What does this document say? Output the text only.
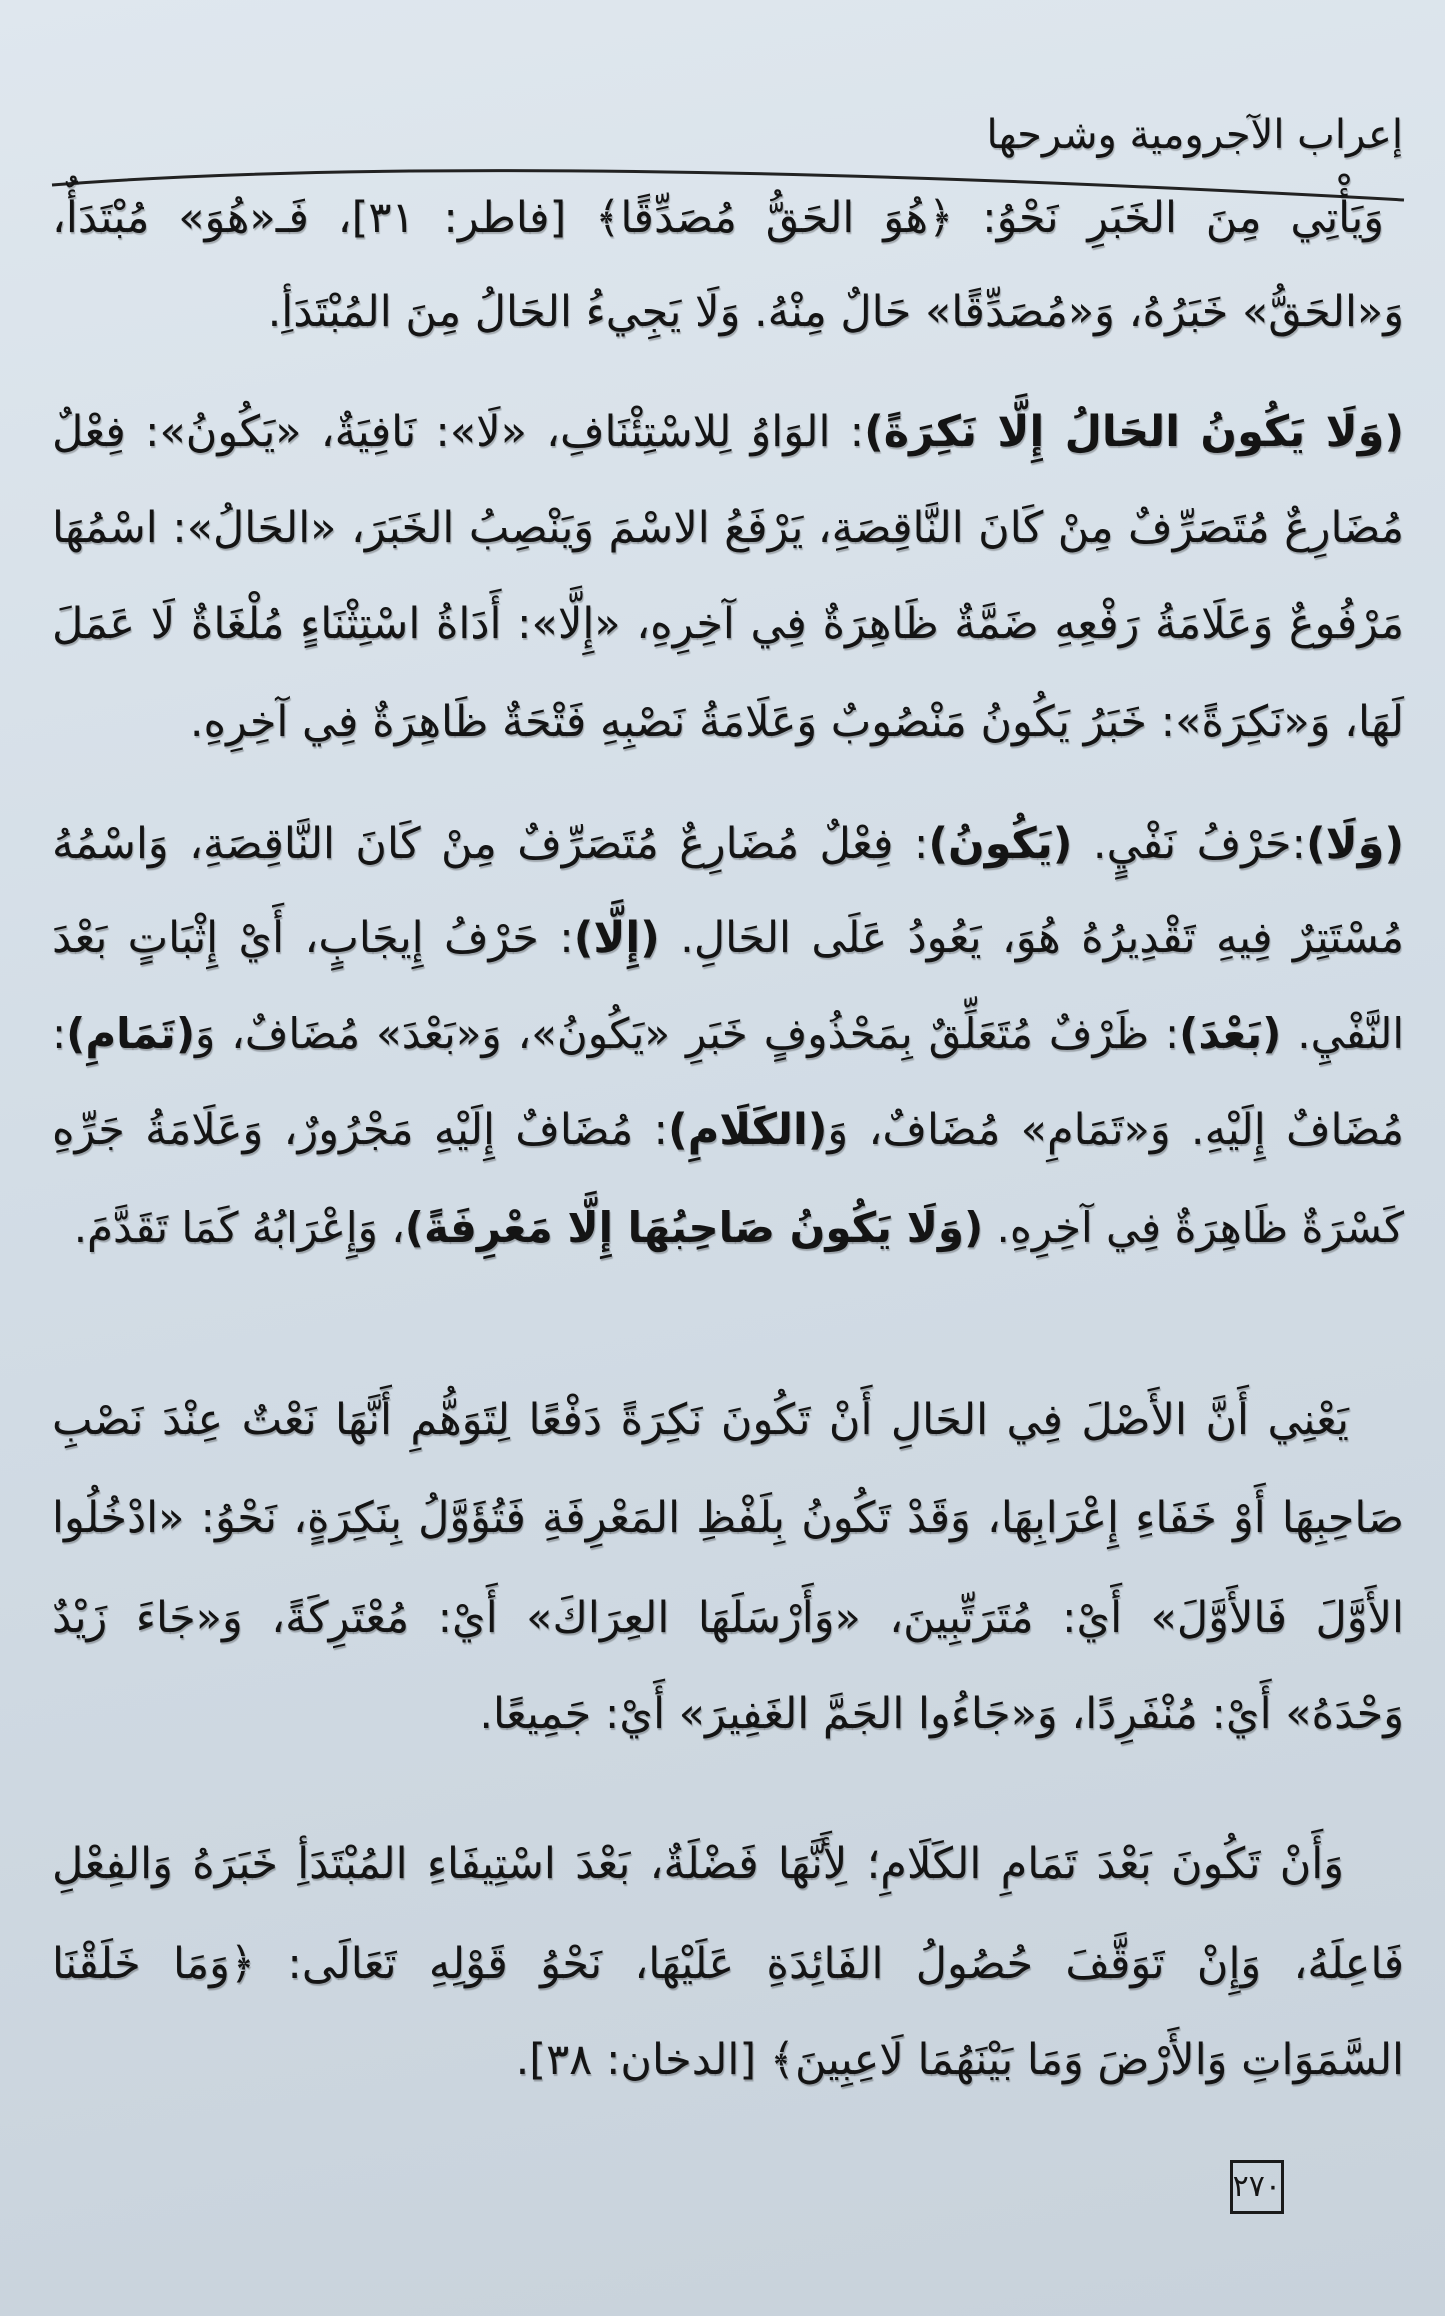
إعراب الآجرومية وشرحها
وَيَأْتِي مِنَ الخَبَرِ نَحْوُ: ﴿هُوَ الحَقُّ مُصَدِّقًا﴾ [فاطر: ٣١]، فَـ«هُوَ» مُبْتَدَأٌ،
وَ«الحَقُّ» خَبَرُهُ، وَ«مُصَدِّقًا» حَالٌ مِنْهُ. وَلَا يَجِيءُ الحَالُ مِنَ المُبْتَدَأِ.
(وَلَا يَكُونُ الحَالُ إِلَّا نَكِرَةً): الوَاوُ لِلاسْتِئْنَافِ، «لَا»: نَافِيَةٌ، «يَكُونُ»: فِعْلٌ
مُضَارِعٌ مُتَصَرِّفٌ مِنْ كَانَ النَّاقِصَةِ، يَرْفَعُ الاسْمَ وَيَنْصِبُ الخَبَرَ، «الحَالُ»: اسْمُهَا
مَرْفُوعٌ وَعَلَامَةُ رَفْعِهِ ضَمَّةٌ ظَاهِرَةٌ فِي آخِرِهِ، «إِلَّا»: أَدَاةُ اسْتِثْنَاءٍ مُلْغَاةٌ لَا عَمَلَ
لَهَا، وَ«نَكِرَةً»: خَبَرُ يَكُونُ مَنْصُوبٌ وَعَلَامَةُ نَصْبِهِ فَتْحَةٌ ظَاهِرَةٌ فِي آخِرِهِ.
(وَلَا):حَرْفُ نَفْيٍ. (يَكُونُ): فِعْلٌ مُضَارِعٌ مُتَصَرِّفٌ مِنْ كَانَ النَّاقِصَةِ، وَاسْمُهُ
مُسْتَتِرٌ فِيهِ تَقْدِيرُهُ هُوَ، يَعُودُ عَلَى الحَالِ. (إِلَّا): حَرْفُ إِيجَابٍ، أَيْ إِثْبَاتٍ بَعْدَ
النَّفْيِ. (بَعْدَ): ظَرْفٌ مُتَعَلِّقٌ بِمَحْذُوفٍ خَبَرِ «يَكُونُ»، وَ«بَعْدَ» مُضَافٌ، وَ(تَمَامِ):
مُضَافٌ إِلَيْهِ. وَ«تَمَامِ» مُضَافٌ، وَ(الكَلَامِ): مُضَافٌ إِلَيْهِ مَجْرُورٌ، وَعَلَامَةُ جَرِّهِ
كَسْرَةٌ ظَاهِرَةٌ فِي آخِرِهِ. (وَلَا يَكُونُ صَاحِبُهَا إِلَّا مَعْرِفَةً)، وَإِعْرَابُهُ كَمَا تَقَدَّمَ.
يَعْنِي أَنَّ الأَصْلَ فِي الحَالِ أَنْ تَكُونَ نَكِرَةً دَفْعًا لِتَوَهُّمِ أَنَّهَا نَعْتٌ عِنْدَ نَصْبِ
صَاحِبِهَا أَوْ خَفَاءِ إِعْرَابِهَا، وَقَدْ تَكُونُ بِلَفْظِ المَعْرِفَةِ فَتُؤَوَّلُ بِنَكِرَةٍ، نَحْوُ: «ادْخُلُوا
الأَوَّلَ فَالأَوَّلَ» أَيْ: مُتَرَتِّبِينَ، «وَأَرْسَلَهَا العِرَاكَ» أَيْ: مُعْتَرِكَةً، وَ«جَاءَ زَيْدٌ
وَحْدَهُ» أَيْ: مُنْفَرِدًا، وَ«جَاءُوا الجَمَّ الغَفِيرَ» أَيْ: جَمِيعًا.
وَأَنْ تَكُونَ بَعْدَ تَمَامِ الكَلَامِ؛ لِأَنَّهَا فَضْلَةٌ، بَعْدَ اسْتِيفَاءِ المُبْتَدَأِ خَبَرَهُ وَالفِعْلِ
فَاعِلَهُ، وَإِنْ تَوَقَّفَ حُصُولُ الفَائِدَةِ عَلَيْهَا، نَحْوُ قَوْلِهِ تَعَالَى: ﴿وَمَا خَلَقْنَا
السَّمَوَاتِ وَالأَرْضَ وَمَا بَيْنَهُمَا لَاعِبِينَ﴾ [الدخان: ٣٨].
٢٧٠
